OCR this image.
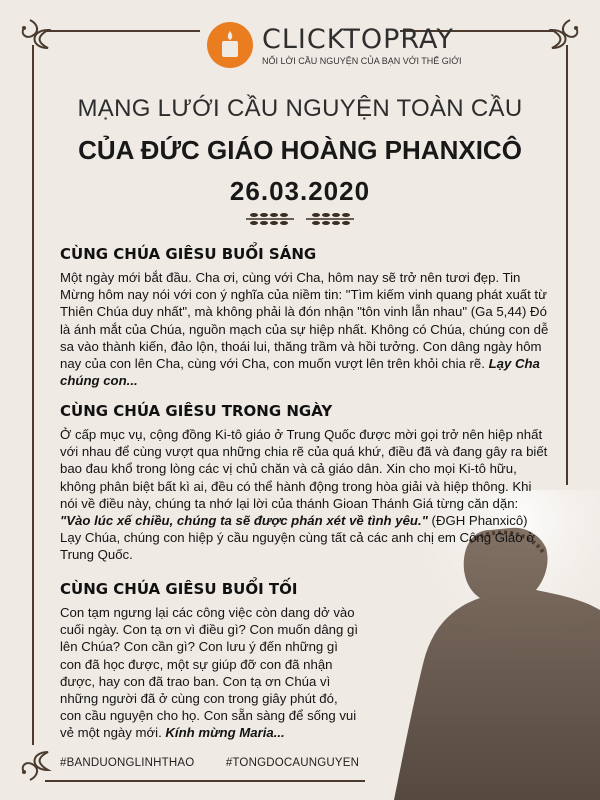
CLICKTOPRAY
NỐI LỜI CẦU NGUYỆN CỦA BẠN VỚI THẾ GIỚI
MẠNG LƯỚI CẦU NGUYỆN TOÀN CẦU
CỦA ĐỨC GIÁO HOÀNG PHANXICÔ
26.03.2020
CÙNG CHÚA GIÊSU BUỔI SÁNG

Một ngày mới bắt đầu. Cha ơi, cùng với Cha, hôm nay sẽ trở nên tươi đẹp. Tin Mừng hôm nay nói với con ý nghĩa của niềm tin: "Tìm kiếm vinh quang phát xuất từ Thiên Chúa duy nhất", mà không phải là đón nhận "tôn vinh lẫn nhau" (Ga 5,44) Đó là ánh mắt của Chúa, nguồn mạch của sự hiệp nhất. Không có Chúa, chúng con dễ sa vào thành kiến, đảo lộn, thoái lui, thăng trầm và hồi tưởng. Con dâng ngày hôm nay của con lên Cha, cùng với Cha, con muốn vượt lên trên khỏi chia rẽ. Lạy Cha chúng con...

CÙNG CHÚA GIÊSU TRONG NGÀY

Ở cấp mục vụ, cộng đồng Ki-tô giáo ở Trung Quốc được mời gọi trở nên hiệp nhất với nhau để cùng vượt qua những chia rẽ của quá khứ, điều đã và đang gây ra biết bao đau khổ trong lòng các vị chủ chăn và cả giáo dân. Xin cho mọi Ki-tô hữu, không phân biệt bất kì ai, đều có thể hành động trong hòa giải và hiệp thông. Khi nói về điều này, chúng ta nhớ lại lời của thánh Gioan Thánh Giá từng căn dặn: "Vào lúc xế chiều, chúng ta sẽ được phán xét về tình yêu." (ĐGH Phanxicô) Lạy Chúa, chúng con hiệp ý cầu nguyện cùng tất cả các anh chị em Công Giáo ở Trung Quốc.

CÙNG CHÚA GIÊSU BUỔI TỐI

Con tạm ngưng lại các công việc còn dang dở vào cuối ngày. Con tạ ơn vì điều gì? Con muốn dâng gì lên Chúa? Con cần gì? Con lưu ý đến những gì con đã học được, một sự giúp đỡ con đã nhận được, hay con đã trao ban. Con tạ ơn Chúa vì những người đã ở cùng con trong giây phút đó, con cầu nguyện cho họ. Con sẵn sàng để sống vui vẻ một ngày mới. Kính mừng Maria...

#BANDUONGLINHTHAO	#TONGDOCAUNGUYEN
